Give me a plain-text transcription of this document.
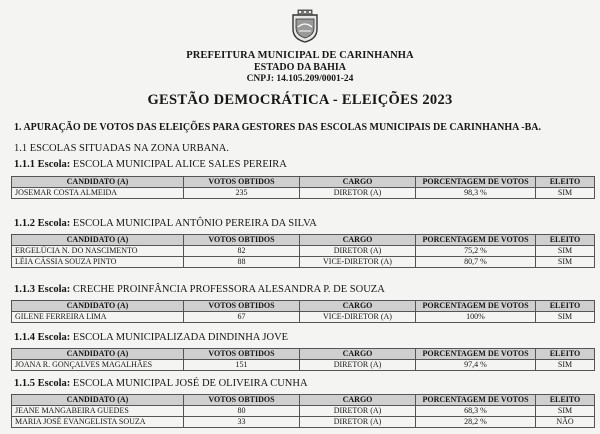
PREFEITURA MUNICIPAL DE CARINHANHA
ESTADO DA BAHIA
CNPJ: 14.105.209/0001-24
GESTÃO DEMOCRÁTICA - ELEIÇÕES 2023
1. APURAÇÃO DE VOTOS DAS ELEIÇÕES PARA GESTORES DAS ESCOLAS MUNICIPAIS DE CARINHANHA -BA.
1.1 ESCOLAS SITUADAS NA ZONA URBANA.
1.1.1 Escola: ESCOLA MUNICIPAL ALICE SALES PEREIRA
CANDIDATO (A)	VOTOS OBTIDOS	CARGO	PORCENTAGEM DE VOTOS	ELEITO
JOSEMAR COSTA ALMEIDA	235	DIRETOR (A)	98,3 %	SIM
1.1.2 Escola: ESCOLA MUNICIPAL ANTÔNIO PEREIRA DA SILVA
CANDIDATO (A)	VOTOS OBTIDOS	CARGO	PORCENTAGEM DE VOTOS	ELEITO
ERGELÚCIA N. DO NASCIMENTO	82	DIRETOR (A)	75,2 %	SIM
LÉIA CÁSSIA SOUZA PINTO	88	VICE-DIRETOR (A)	80,7 %	SIM
1.1.3 Escola: CRECHE PROINFÂNCIA PROFESSORA ALESANDRA P. DE SOUZA
CANDIDATO (A)	VOTOS OBTIDOS	CARGO	PORCENTAGEM DE VOTOS	ELEITO
GILENE FERREIRA LIMA	67	VICE-DIRETOR (A)	100%	SIM
1.1.4 Escola: ESCOLA MUNICIPALIZADA DINDINHA JOVE
CANDIDATO (A)	VOTOS OBTIDOS	CARGO	PORCENTAGEM DE VOTOS	ELEITO
JOANA R. GONÇALVES MAGALHÃES	151	DIRETOR (A)	97,4 %	SIM
1.1.5 Escola: ESCOLA MUNICIPAL JOSÉ DE OLIVEIRA CUNHA
CANDIDATO (A)	VOTOS OBTIDOS	CARGO	PORCENTAGEM DE VOTOS	ELEITO
JEANE MANGABEIRA GUEDES	80	DIRETOR (A)	68,3 %	SIM
MARIA JOSÉ EVANGELISTA SOUZA	33	DIRETOR (A)	28,2 %	NÃO
